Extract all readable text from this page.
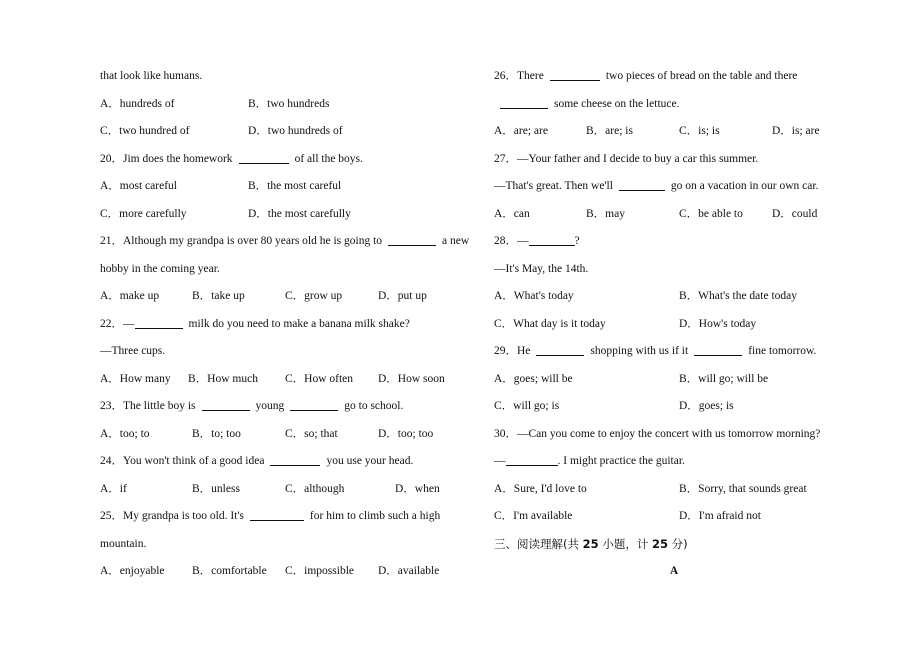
that look like humans.
A．hundreds of	B．two hundreds
C．two hundred of	D．two hundreds of
20．Jim does the homework	of all the boys.
A．most careful	B．the most careful
C．more carefully	D．the most carefully
21．Although my grandpa is over 80 years old he is going to	a new
hobby in the coming year.
A．make up	B．take up	C．grow up	D．put up
22．—	milk do you need to make a banana milk shake?
—Three cups.
A．How many B．How much C．How often D．How soon
23．The little boy is	young	go to school.
A．too; to	B．to; too	C．so; that	D．too; too
24．You won't think of a good idea	you use your head.
A．if	B．unless	C．although	D．when
25．My grandpa is too old. It's	for him to climb such a high
mountain.
A．enjoyable B．comfortable C．impossible D．available
26．There	two pieces of bread on the table and there
some cheese on the lettuce.
A．are; are	B．are; is	C．is; is	D．is; are
27．—Your father and I decide to buy a car this summer.
—That's great. Then we'll	go on a vacation in our own car.
A．can	B．may	C．be able to	D．could
28．—	?
—It's May, the 14th.
A．What's today	B．What's the date today
C．What day is it today	D．How's today
29．He	shopping with us if it	fine tomorrow.
A．goes; will be	B．will go; will be
C．will go; is	D．goes; is
30．—Can you come to enjoy the concert with us tomorrow morning?
—	. I might practice the guitar.
A．Sure, I'd love to	B．Sorry, that sounds great
C．I'm available	D．I'm afraid not
三、阅读理解(共 25 小题，计 25 分)
A
